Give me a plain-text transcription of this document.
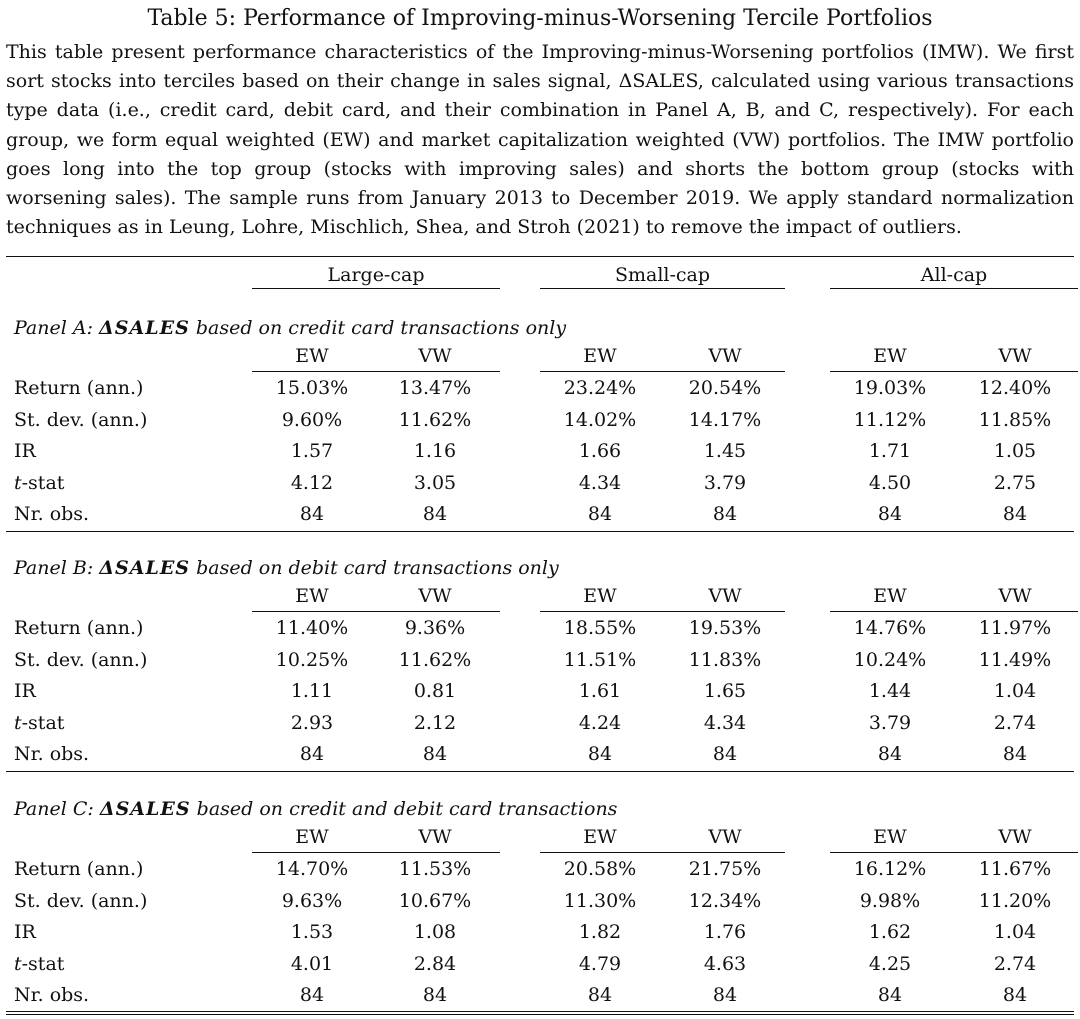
Table 5: Performance of Improving-minus-Worsening Tercile Portfolios
This table present performance characteristics of the Improving-minus-Worsening portfolios (IMW). We first sort stocks into terciles based on their change in sales signal, ΔSALES, calculated using various transactions type data (i.e., credit card, debit card, and their combination in Panel A, B, and C, respectively). For each group, we form equal weighted (EW) and market capitalization weighted (VW) portfolios. The IMW portfolio goes long into the top group (stocks with improving sales) and shorts the bottom group (stocks with worsening sales). The sample runs from January 2013 to December 2019. We apply standard normalization techniques as in Leung, Lohre, Mischlich, Shea, and Stroh (2021) to remove the impact of outliers.
Large-cap	Small-cap	All-cap
Panel A: ΔSALES based on credit card transactions only
EW	VW	EW	VW	EW	VW
Return (ann.)	15.03%	13.47%	23.24%	20.54%	19.03%	12.40%
St. dev. (ann.)	9.60%	11.62%	14.02%	14.17%	11.12%	11.85%
IR	1.57	1.16	1.66	1.45	1.71	1.05
t-stat	4.12	3.05	4.34	3.79	4.50	2.75
Nr. obs.	84	84	84	84	84	84
Panel B: ΔSALES based on debit card transactions only
EW	VW	EW	VW	EW	VW
Return (ann.)	11.40%	9.36%	18.55%	19.53%	14.76%	11.97%
St. dev. (ann.)	10.25%	11.62%	11.51%	11.83%	10.24%	11.49%
IR	1.11	0.81	1.61	1.65	1.44	1.04
t-stat	2.93	2.12	4.24	4.34	3.79	2.74
Nr. obs.	84	84	84	84	84	84
Panel C: ΔSALES based on credit and debit card transactions
EW	VW	EW	VW	EW	VW
Return (ann.)	14.70%	11.53%	20.58%	21.75%	16.12%	11.67%
St. dev. (ann.)	9.63%	10.67%	11.30%	12.34%	9.98%	11.20%
IR	1.53	1.08	1.82	1.76	1.62	1.04
t-stat	4.01	2.84	4.79	4.63	4.25	2.74
Nr. obs.	84	84	84	84	84	84
